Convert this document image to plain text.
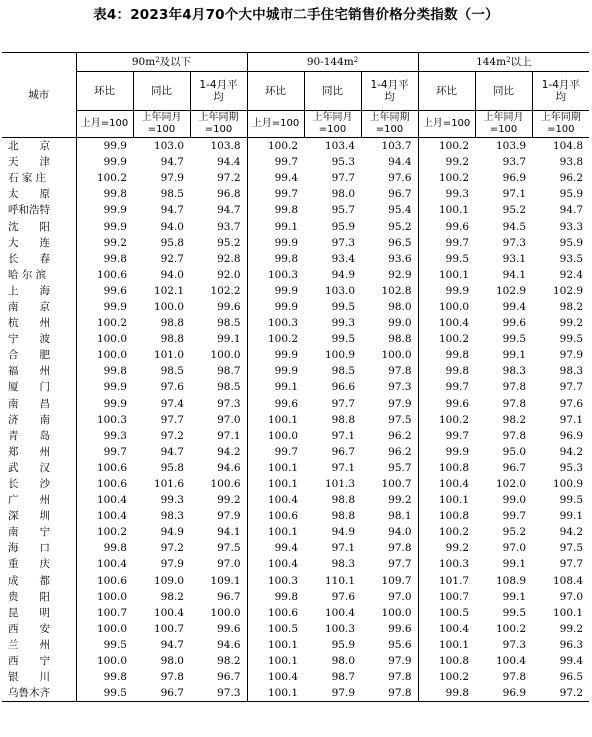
表4：2023年4月70个大中城市二手住宅销售价格分类指数（一）
城市	$90m^2$及以下			$90-144m^2$			$144m^2$以上		
	环比	同比	1-4月平均	环比	同比	1-4月平均	环比	同比	1-4月平均
	上月=100	上年同月=100	上年同期=100	上月=100	上年同月=100	上年同期=100	上月=100	上年同月=100	上年同期=100
北　　京	99.9	103.0	103.8	100.2	103.4	103.7	100.2	103.9	104.8
天　　津	99.9	94.7	94.4	99.7	95.3	94.4	99.2	93.7	93.8
石 家 庄	100.2	97.9	97.2	99.4	97.7	97.6	100.2	96.9	96.2
太　　原	99.8	98.5	96.8	99.7	98.0	96.7	99.3	97.1	95.9
呼和浩特	99.9	94.7	94.7	99.8	95.7	95.4	100.1	95.2	94.7
沈　　阳	99.9	94.0	93.7	99.1	95.9	95.2	99.6	94.5	93.3
大　　连	99.2	95.8	95.2	99.9	97.3	96.5	99.7	97.3	95.9
长　　春	99.8	92.7	92.8	99.8	93.4	93.6	99.5	93.1	93.5
哈 尔 滨	100.6	94.0	92.0	100.3	94.9	92.9	100.1	94.1	92.4
上　　海	99.6	102.1	102.2	99.9	103.0	102.8	99.9	102.9	102.9
南　　京	99.9	100.0	99.6	99.9	99.5	98.0	100.0	99.4	98.2
杭　　州	100.2	98.8	98.5	100.3	99.3	99.0	100.4	99.6	99.2
宁　　波	100.0	98.8	99.1	100.2	99.5	98.8	100.2	99.5	99.5
合　　肥	100.0	101.0	100.0	99.9	100.9	100.0	99.8	99.1	97.9
福　　州	99.8	98.5	98.7	99.9	98.5	97.8	99.8	98.3	98.3
厦　　门	99.9	97.6	98.5	99.1	96.6	97.3	99.7	97.8	97.7
南　　昌	99.9	97.4	97.3	99.6	97.7	97.9	99.6	97.8	97.6
济　　南	100.3	97.7	97.0	100.1	98.8	97.5	100.2	98.2	97.1
青　　岛	99.3	97.2	97.1	100.0	97.1	96.2	99.7	97.8	96.9
郑　　州	99.7	94.7	94.2	99.7	96.7	96.2	99.9	95.0	94.2
武　　汉	100.6	95.8	94.6	100.1	97.1	95.7	100.8	96.7	95.3
长　　沙	100.6	101.6	100.6	100.1	101.3	100.7	100.4	102.0	100.9
广　　州	100.4	99.3	99.2	100.4	98.8	99.2	100.1	99.0	99.5
深　　圳	100.4	98.3	97.9	100.6	98.8	98.1	100.8	99.7	99.1
南　　宁	100.2	94.9	94.1	100.1	94.9	94.0	100.2	95.2	94.2
海　　口	99.8	97.2	97.5	99.4	97.1	97.8	99.2	97.0	97.5
重　　庆	100.4	97.9	97.0	100.4	98.3	97.7	100.3	99.1	97.7
成　　都	100.6	109.0	109.1	100.3	110.1	109.7	101.7	108.9	108.4
贵　　阳	100.0	98.2	96.7	99.8	97.6	97.0	100.7	99.1	97.0
昆　　明	100.7	100.4	100.0	100.6	100.4	100.0	100.5	99.5	100.1
西　　安	100.0	100.7	99.6	100.5	100.3	99.6	100.4	100.2	99.2
兰　　州	99.5	94.7	94.6	100.1	95.9	95.6	100.1	97.3	96.3
西　　宁	100.0	98.0	98.2	100.1	98.0	97.9	100.8	100.4	99.4
银　　川	99.8	97.8	96.7	100.4	98.7	97.8	100.2	97.8	96.5
乌鲁木齐	99.5	96.7	97.3	100.1	97.9	97.8	99.8	96.9	97.2
